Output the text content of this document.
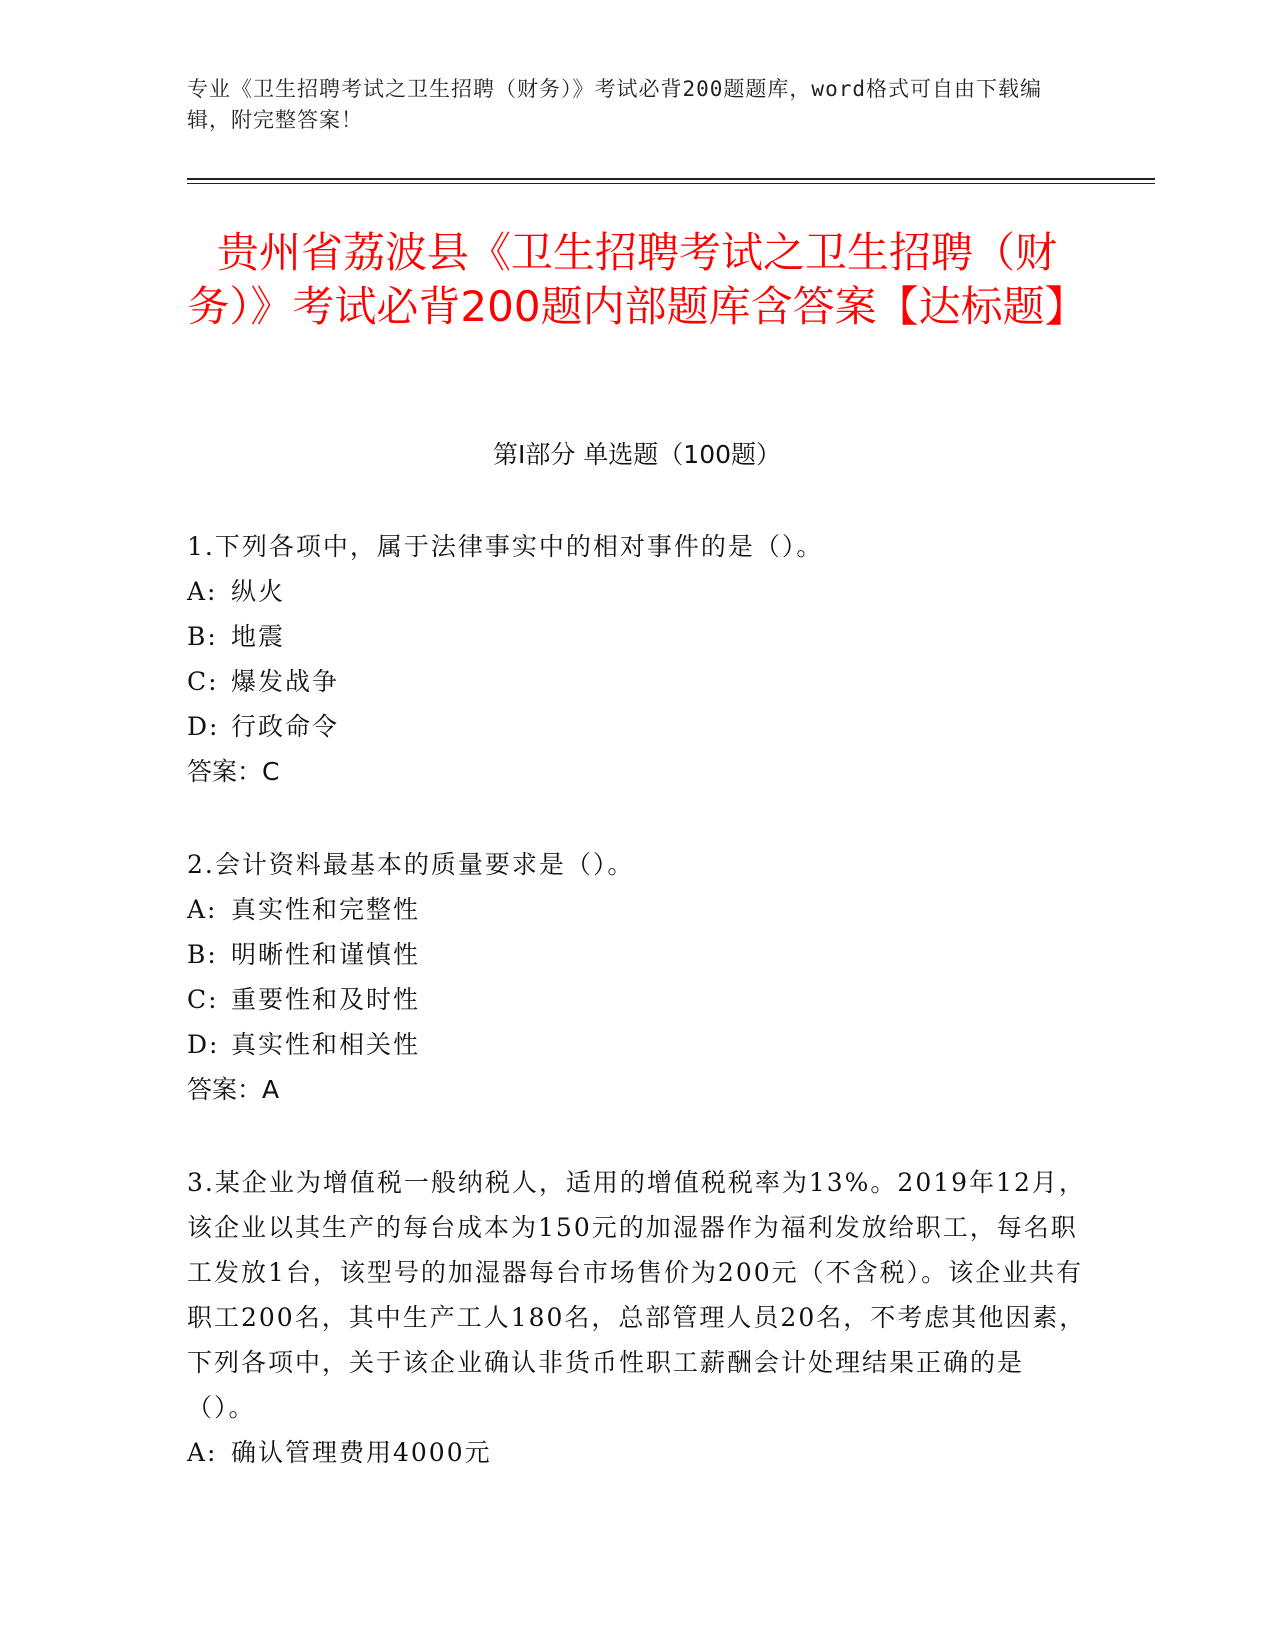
专业《卫生招聘考试之卫生招聘（财务）》考试必背200题题库，word格式可自由下载编辑，附完整答案！
贵州省荔波县《卫生招聘考试之卫生招聘（财务）》考试必背200题内部题库含答案【达标题】
第Ⅰ部分 单选题（100题）

1.下列各项中，属于法律事实中的相对事件的是（）。

A: 纵火

B: 地震

C: 爆发战争

D: 行政命令

答案：C

2.会计资料最基本的质量要求是（）。

A: 真实性和完整性

B: 明晰性和谨慎性

C: 重要性和及时性

D: 真实性和相关性

答案：A

3.某企业为增值税一般纳税人，适用的增值税税率为13%。2019年12月，该企业以其生产的每台成本为150元的加湿器作为福利发放给职工，每名职工发放1台，该型号的加湿器每台市场售价为200元（不含税）。该企业共有职工200名，其中生产工人180名，总部管理人员20名，不考虑其他因素，下列各项中，关于该企业确认非货币性职工薪酬会计处理结果正确的是（）。

A: 确认管理费用4000元
